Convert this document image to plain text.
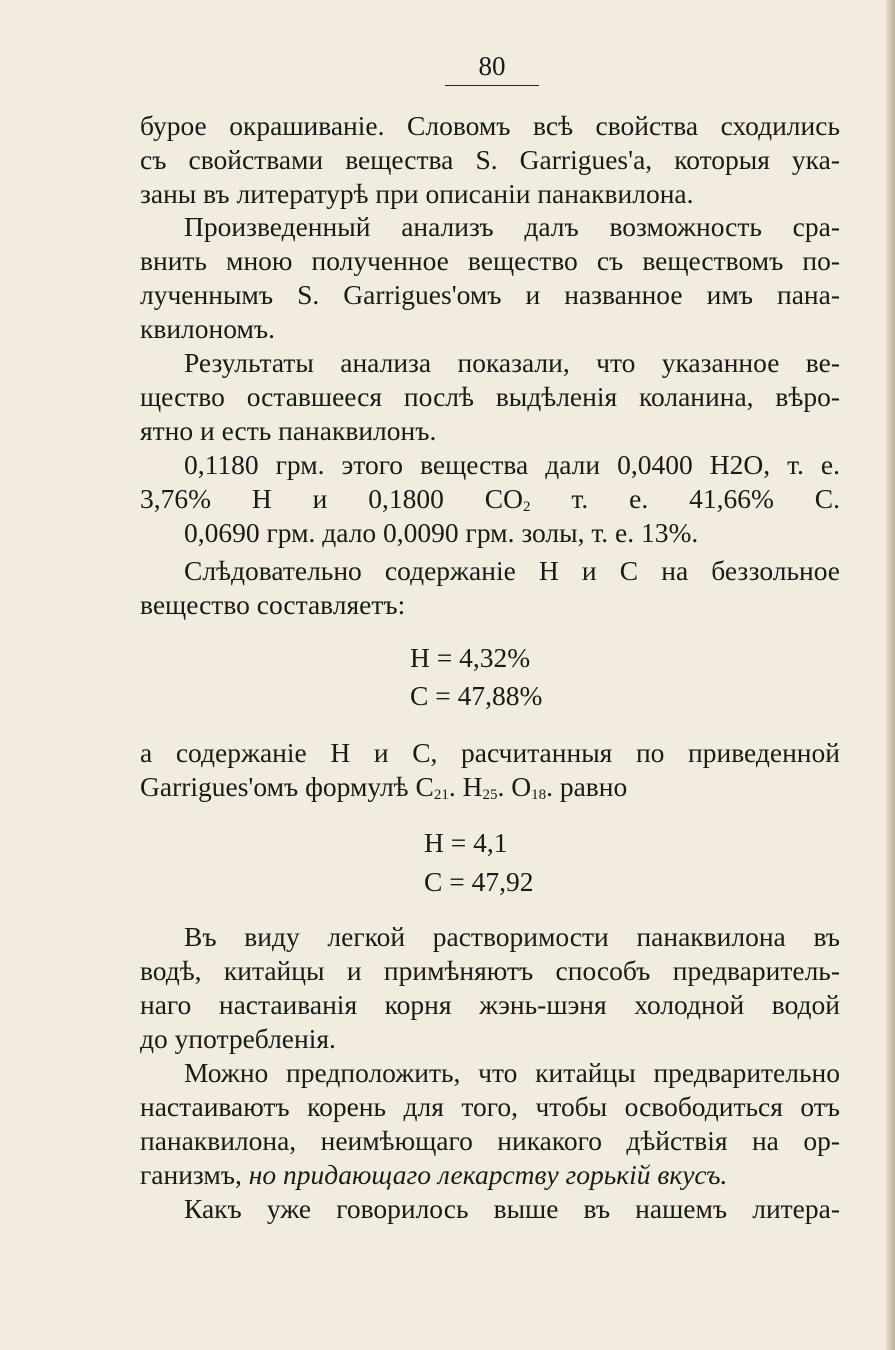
80
бурое окрашиваніе. Словомъ всѣ свойства сходились
съ свойствами вещества S. Garrigues'a, которыя ука-
заны въ литературѣ при описаніи панаквилона.
Произведенный анализъ далъ возможность сра-
внить мною полученное вещество съ веществомъ по-
лученнымъ S. Garrigues'омъ и названное имъ пана-
квилономъ.
Результаты анализа показали, что указанное ве-
щество оставшееся послѣ выдѣленія коланина, вѣро-
ятно и есть панаквилонъ.
0,1180 грм. этого вещества дали 0,0400 Н2О, т. е.
3,76% Н и 0,1800 $СО_2$ т. е. 41,66% С.
0,0690 грм. дало 0,0090 грм. золы, т. е. 13%.
Слѣдовательно содержаніе Н и С на беззольное
вещество составляетъ:
Н = 4,32%
С = 47,88%
а содержаніе Н и С, расчитанныя по приведенной
Garrigues'омъ формулѣ $С_{21}$. $Н_{25}$. $О_{18}$. равно
Н = 4,1
С = 47,92
Въ виду легкой растворимости панаквилона въ
водѣ, китайцы и примѣняютъ способъ предваритель-
наго настаиванія корня жэнь-шэня холодной водой
до употребленія.
Можно предположить, что китайцы предварительно
настаиваютъ корень для того, чтобы освободиться отъ
панаквилона, неимѣющаго никакого дѣйствія на ор-
ганизмъ, но придающаго лекарству горькій вкусъ.
Какъ уже говорилось выше въ нашемъ литера-
